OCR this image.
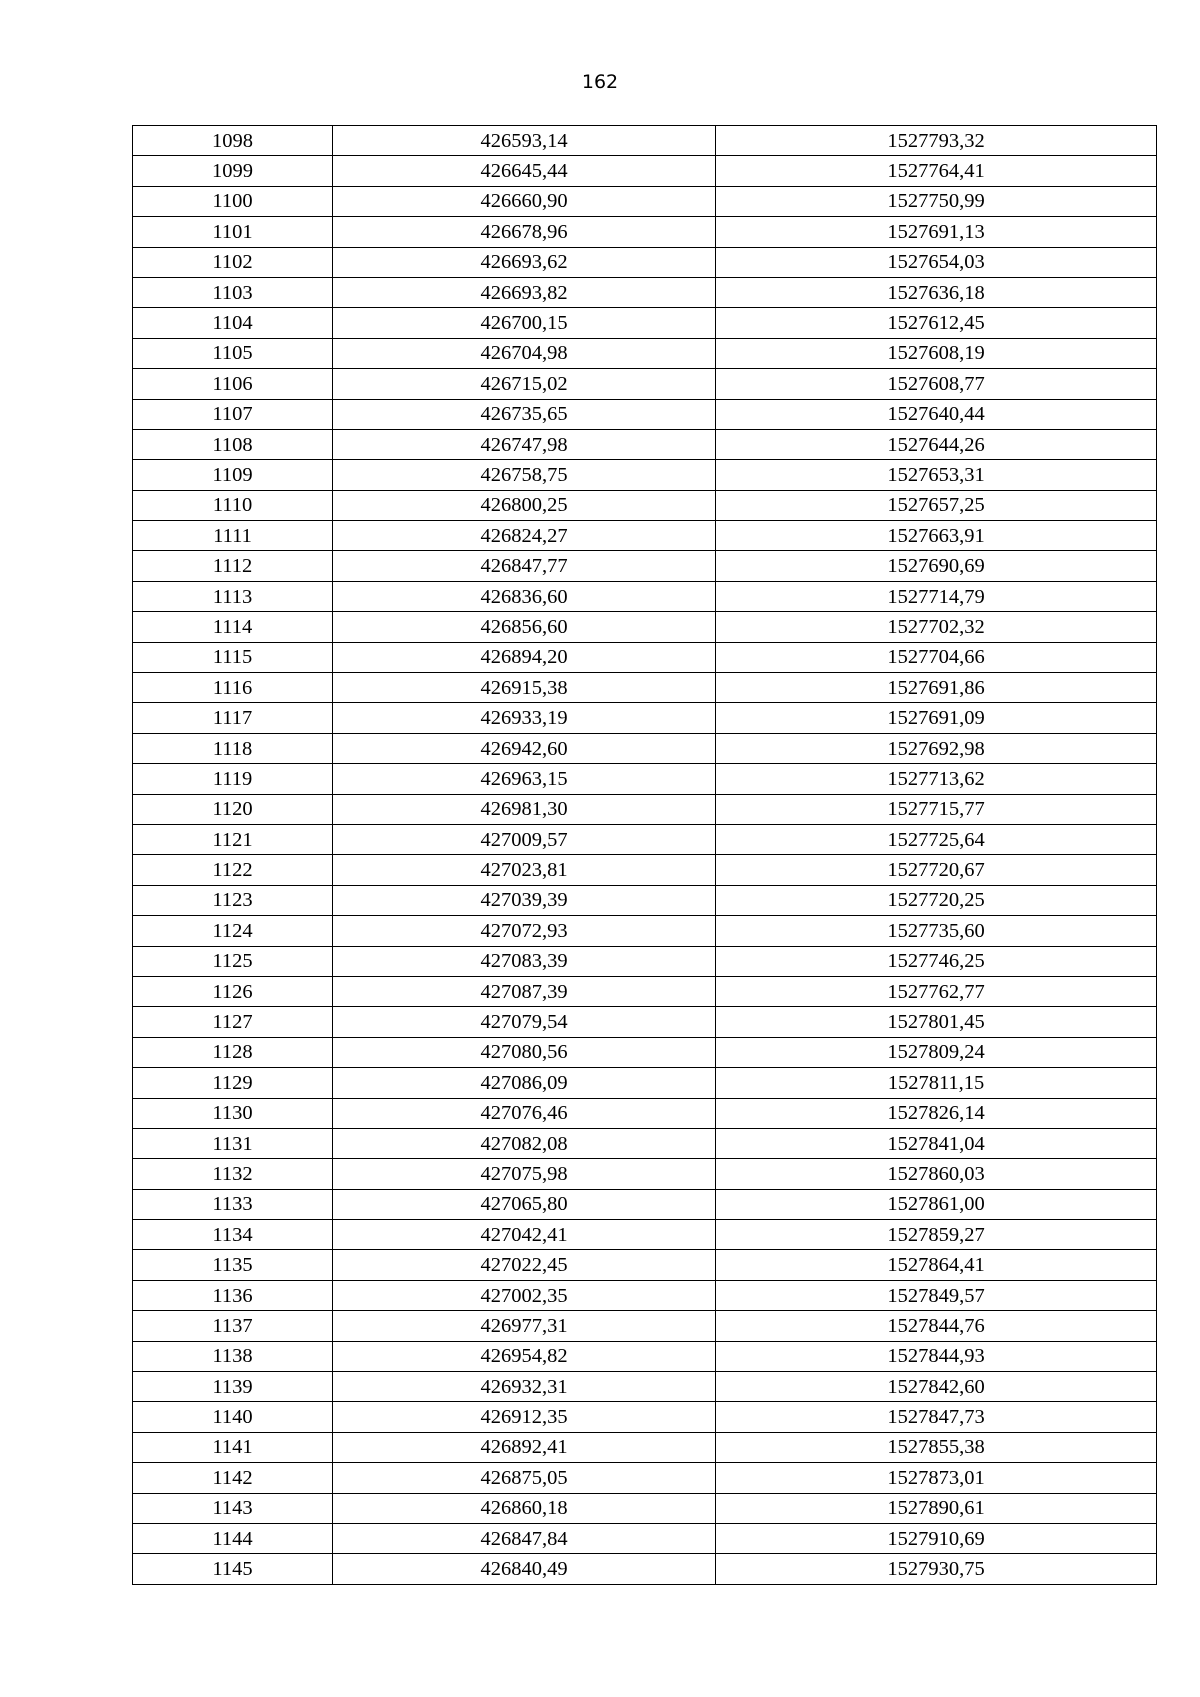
162
1098	426593,14	1527793,32
1099	426645,44	1527764,41
1100	426660,90	1527750,99
1101	426678,96	1527691,13
1102	426693,62	1527654,03
1103	426693,82	1527636,18
1104	426700,15	1527612,45
1105	426704,98	1527608,19
1106	426715,02	1527608,77
1107	426735,65	1527640,44
1108	426747,98	1527644,26
1109	426758,75	1527653,31
1110	426800,25	1527657,25
1111	426824,27	1527663,91
1112	426847,77	1527690,69
1113	426836,60	1527714,79
1114	426856,60	1527702,32
1115	426894,20	1527704,66
1116	426915,38	1527691,86
1117	426933,19	1527691,09
1118	426942,60	1527692,98
1119	426963,15	1527713,62
1120	426981,30	1527715,77
1121	427009,57	1527725,64
1122	427023,81	1527720,67
1123	427039,39	1527720,25
1124	427072,93	1527735,60
1125	427083,39	1527746,25
1126	427087,39	1527762,77
1127	427079,54	1527801,45
1128	427080,56	1527809,24
1129	427086,09	1527811,15
1130	427076,46	1527826,14
1131	427082,08	1527841,04
1132	427075,98	1527860,03
1133	427065,80	1527861,00
1134	427042,41	1527859,27
1135	427022,45	1527864,41
1136	427002,35	1527849,57
1137	426977,31	1527844,76
1138	426954,82	1527844,93
1139	426932,31	1527842,60
1140	426912,35	1527847,73
1141	426892,41	1527855,38
1142	426875,05	1527873,01
1143	426860,18	1527890,61
1144	426847,84	1527910,69
1145	426840,49	1527930,75
